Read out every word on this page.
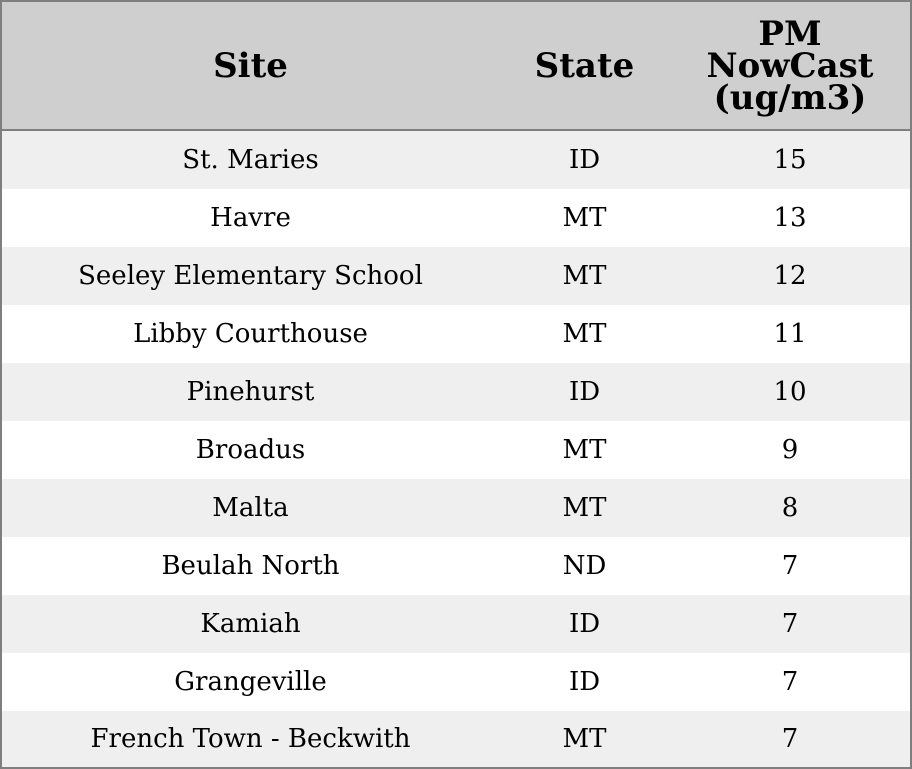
Site	State	PM
NowCast
(ug/m3)

St. Maries	ID	15
Havre	MT	13
Seeley Elementary School	MT	12
Libby Courthouse	MT	11
Pinehurst	ID	10
Broadus	MT	9
Malta	MT	8
Beulah North	ND	7
Kamiah	ID	7
Grangeville	ID	7
French Town - Beckwith	MT	7
